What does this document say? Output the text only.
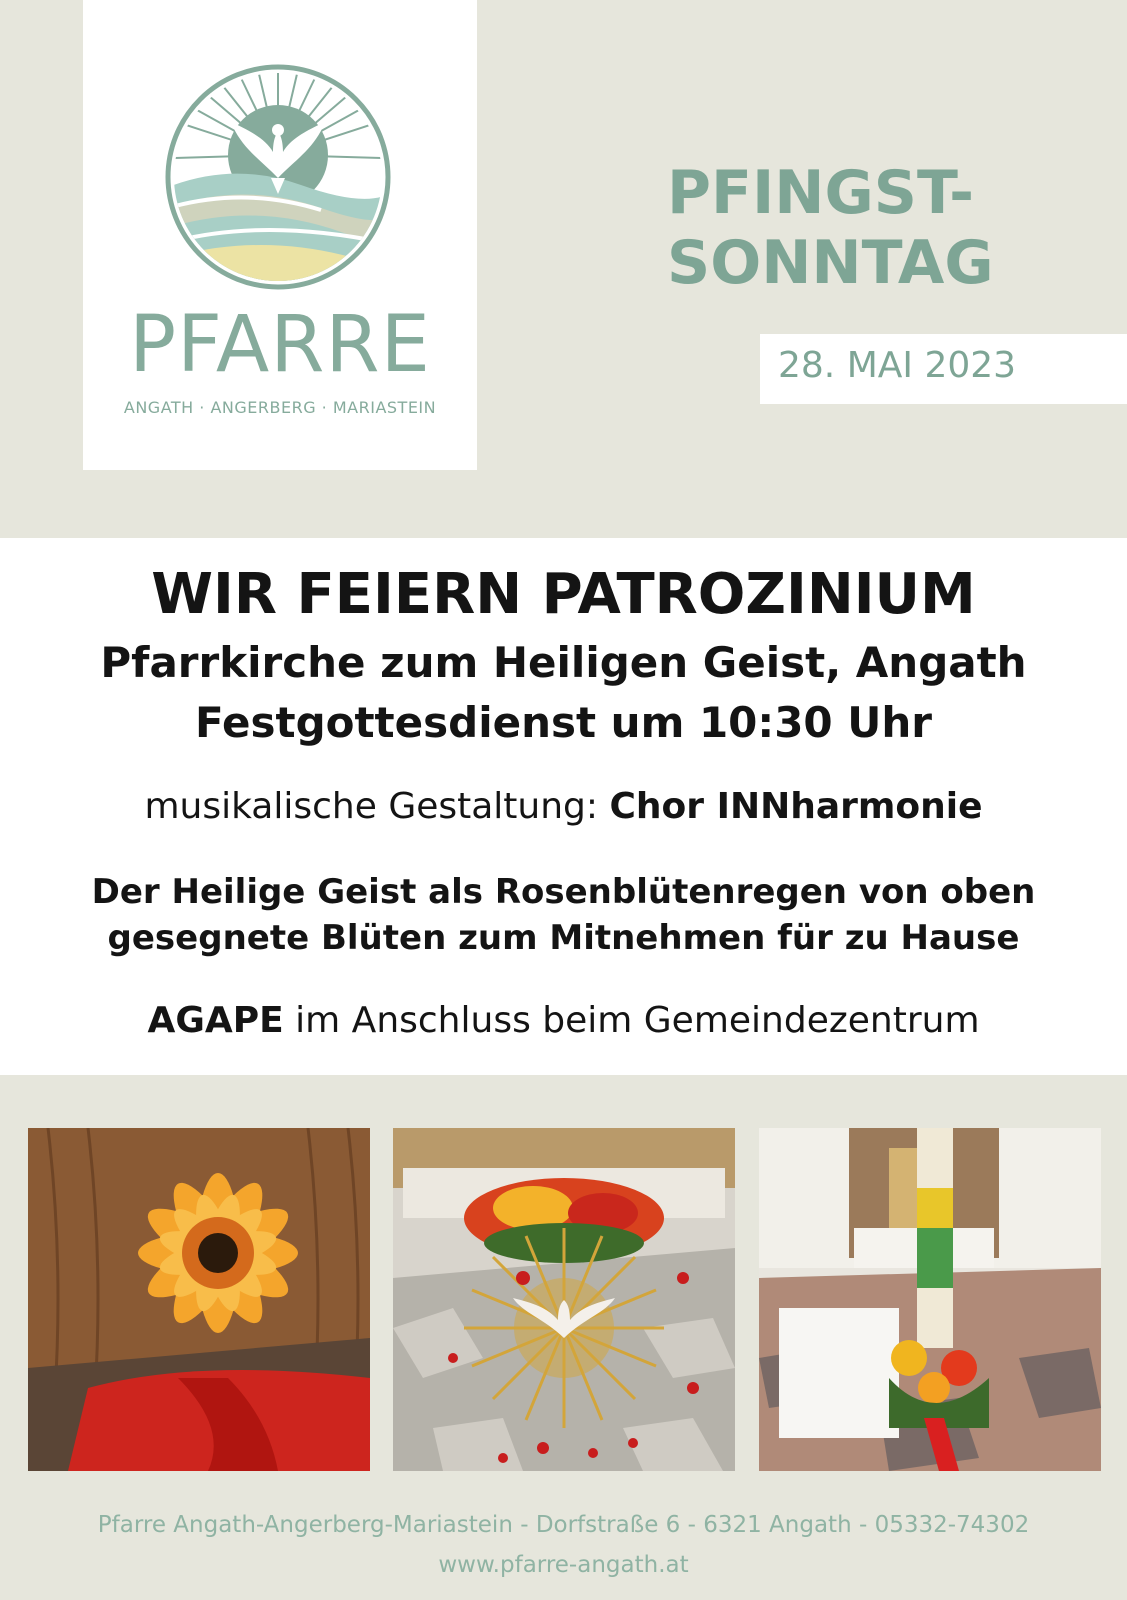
PFARRE
ANGATH · ANGERBERG · MARIASTEIN
PFINGST-
SONNTAG
28. MAI 2023
WIR FEIERN PATROZINIUM
Pfarrkirche zum Heiligen Geist, Angath
Festgottesdienst um 10:30 Uhr
musikalische Gestaltung: Chor INNharmonie
Der Heilige Geist als Rosenblütenregen von oben
gesegnete Blüten zum Mitnehmen für zu Hause
AGAPE im Anschluss beim Gemeindezentrum
Pfarre Angath-Angerberg-Mariastein - Dorfstraße 6 - 6321 Angath - 05332-74302
www.pfarre-angath.at
